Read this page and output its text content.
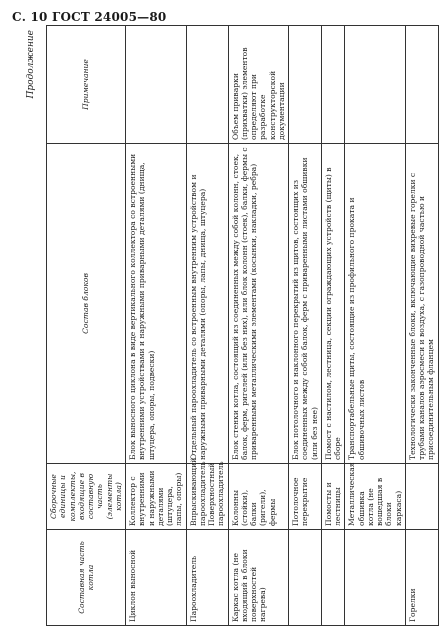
С. 10 ГОСТ 24005—80
Продолжение
Составная часть котла	Сборочные единицы и комплекты, входящие в составную часть (элементы котла)	Состав блоков	Примечание
Циклон выносной	Коллектор с внутренними и наружными деталями (штуцера, лапы, опоры)	Блок выносного циклона в виде вертикального коллектора со встроенными внутренними устройствами и наружными приварными деталями (днища, штуцера, опоры, подвески)	
Пароохладитель	Впрыскивающий пароохладитель Поверхностный пароохладитель	Отдельный пароохладитель со встроенным внутренним устройством и наружными приварными деталями (опоры, лапы, днища, штуцера)	
Каркас котла (не входящий в блоки поверхностей нагрева)	Колонны (стойки), балки (ригели), фермы	Блок стенки котла, состоящий из соединенных между собой колонн, стоек, балок, ферм, ригелей (или без них), или блок колонн (стоек), балки, фермы с приваренными металлическими элементами (косынки, накладки, ребра)	Объем приварки (прихватки) элементов определяют при разработке конструкторской документации
	Потолочное перекрытие	Блок потолочного и наклонного перекрытий из щитов, состоящих из соединенных между собой балок, ферм с приваренными листами обшивки (или без нее)	
	Помосты и лестницы	Помост с настилом, лестница, секции ограждающих устройств (щиты) в сборе	
	Металлическая обшивка котла (не вошедшая в блоки каркаса)	Транспортабельные щиты, состоящие из профильного проката и обшивочных листов	
Горелки		Технологически законченные блоки, включающие вихревые горелки с трубами каналов аэросмеси и воздуха, с газопроводной частью и присоединительным фланцем	
